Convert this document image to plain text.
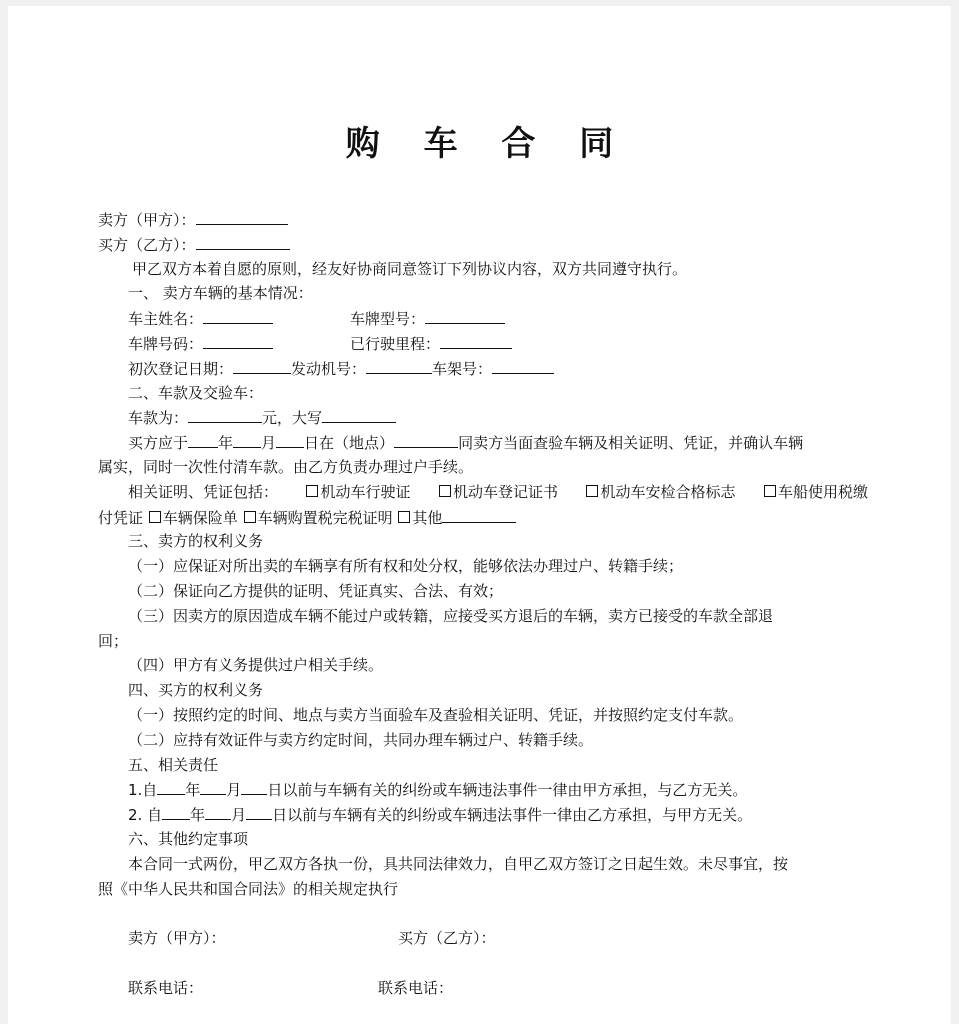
购 车 合 同
卖方（甲方）：
买方（乙方）：
甲乙双方本着自愿的原则，经友好协商同意签订下列协议内容，双方共同遵守执行。
一、 卖方车辆的基本情况：
车主姓名：	车牌型号：
车牌号码：	已行驶里程：
初次登记日期：	发动机号：	车架号：
二、车款及交验车：
车款为：	元，大写
买方应于 年 月 日在（地点）	同卖方当面查验车辆及相关证明、凭证，并确认车辆
属实，同时一次性付清车款。由乙方负责办理过户手续。
相关证明、凭证包括：	机动车行驶证	机动车登记证书	机动车安检合格标志	车船使用税缴
付凭证 车辆保险单 车辆购置税完税证明 其他
三、卖方的权利义务
（一）应保证对所出卖的车辆享有所有权和处分权，能够依法办理过户、转籍手续；
（二）保证向乙方提供的证明、凭证真实、合法、有效；
（三）因卖方的原因造成车辆不能过户或转籍，应接受买方退后的车辆，卖方已接受的车款全部退
回；
（四）甲方有义务提供过户相关手续。
四、买方的权利义务
（一）按照约定的时间、地点与卖方当面验车及查验相关证明、凭证，并按照约定支付车款。
（二）应持有效证件与卖方约定时间，共同办理车辆过户、转籍手续。
五、相关责任
1.自 年 月 日以前与车辆有关的纠纷或车辆违法事件一律由甲方承担，与乙方无关。
2. 自 年 月 日以前与车辆有关的纠纷或车辆违法事件一律由乙方承担，与甲方无关。
六、其他约定事项
本合同一式两份，甲乙双方各执一份，具共同法律效力，自甲乙双方签订之日起生效。未尽事宜，按
照《中华人民共和国合同法》的相关规定执行
卖方（甲方）：	买方（乙方）：
联系电话：	联系电话：
